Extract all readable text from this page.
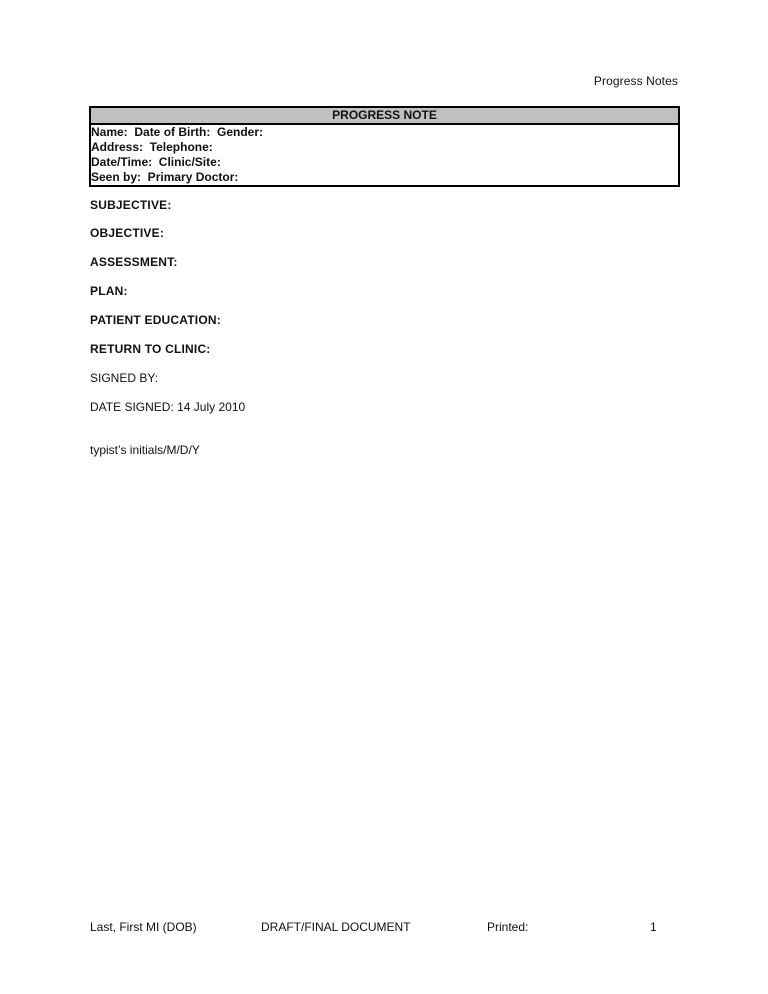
Progress Notes
PROGRESS NOTE
Name:  Date of Birth:  Gender:
Address:  Telephone:
Date/Time:  Clinic/Site:
Seen by:  Primary Doctor:
SUBJECTIVE:
OBJECTIVE:
ASSESSMENT:
PLAN:
PATIENT EDUCATION:
RETURN TO CLINIC:
SIGNED BY:
DATE SIGNED: 14 July 2010
typist’s initials/M/D/Y
Last, First MI (DOB)	DRAFT/FINAL DOCUMENT	Printed:	1
